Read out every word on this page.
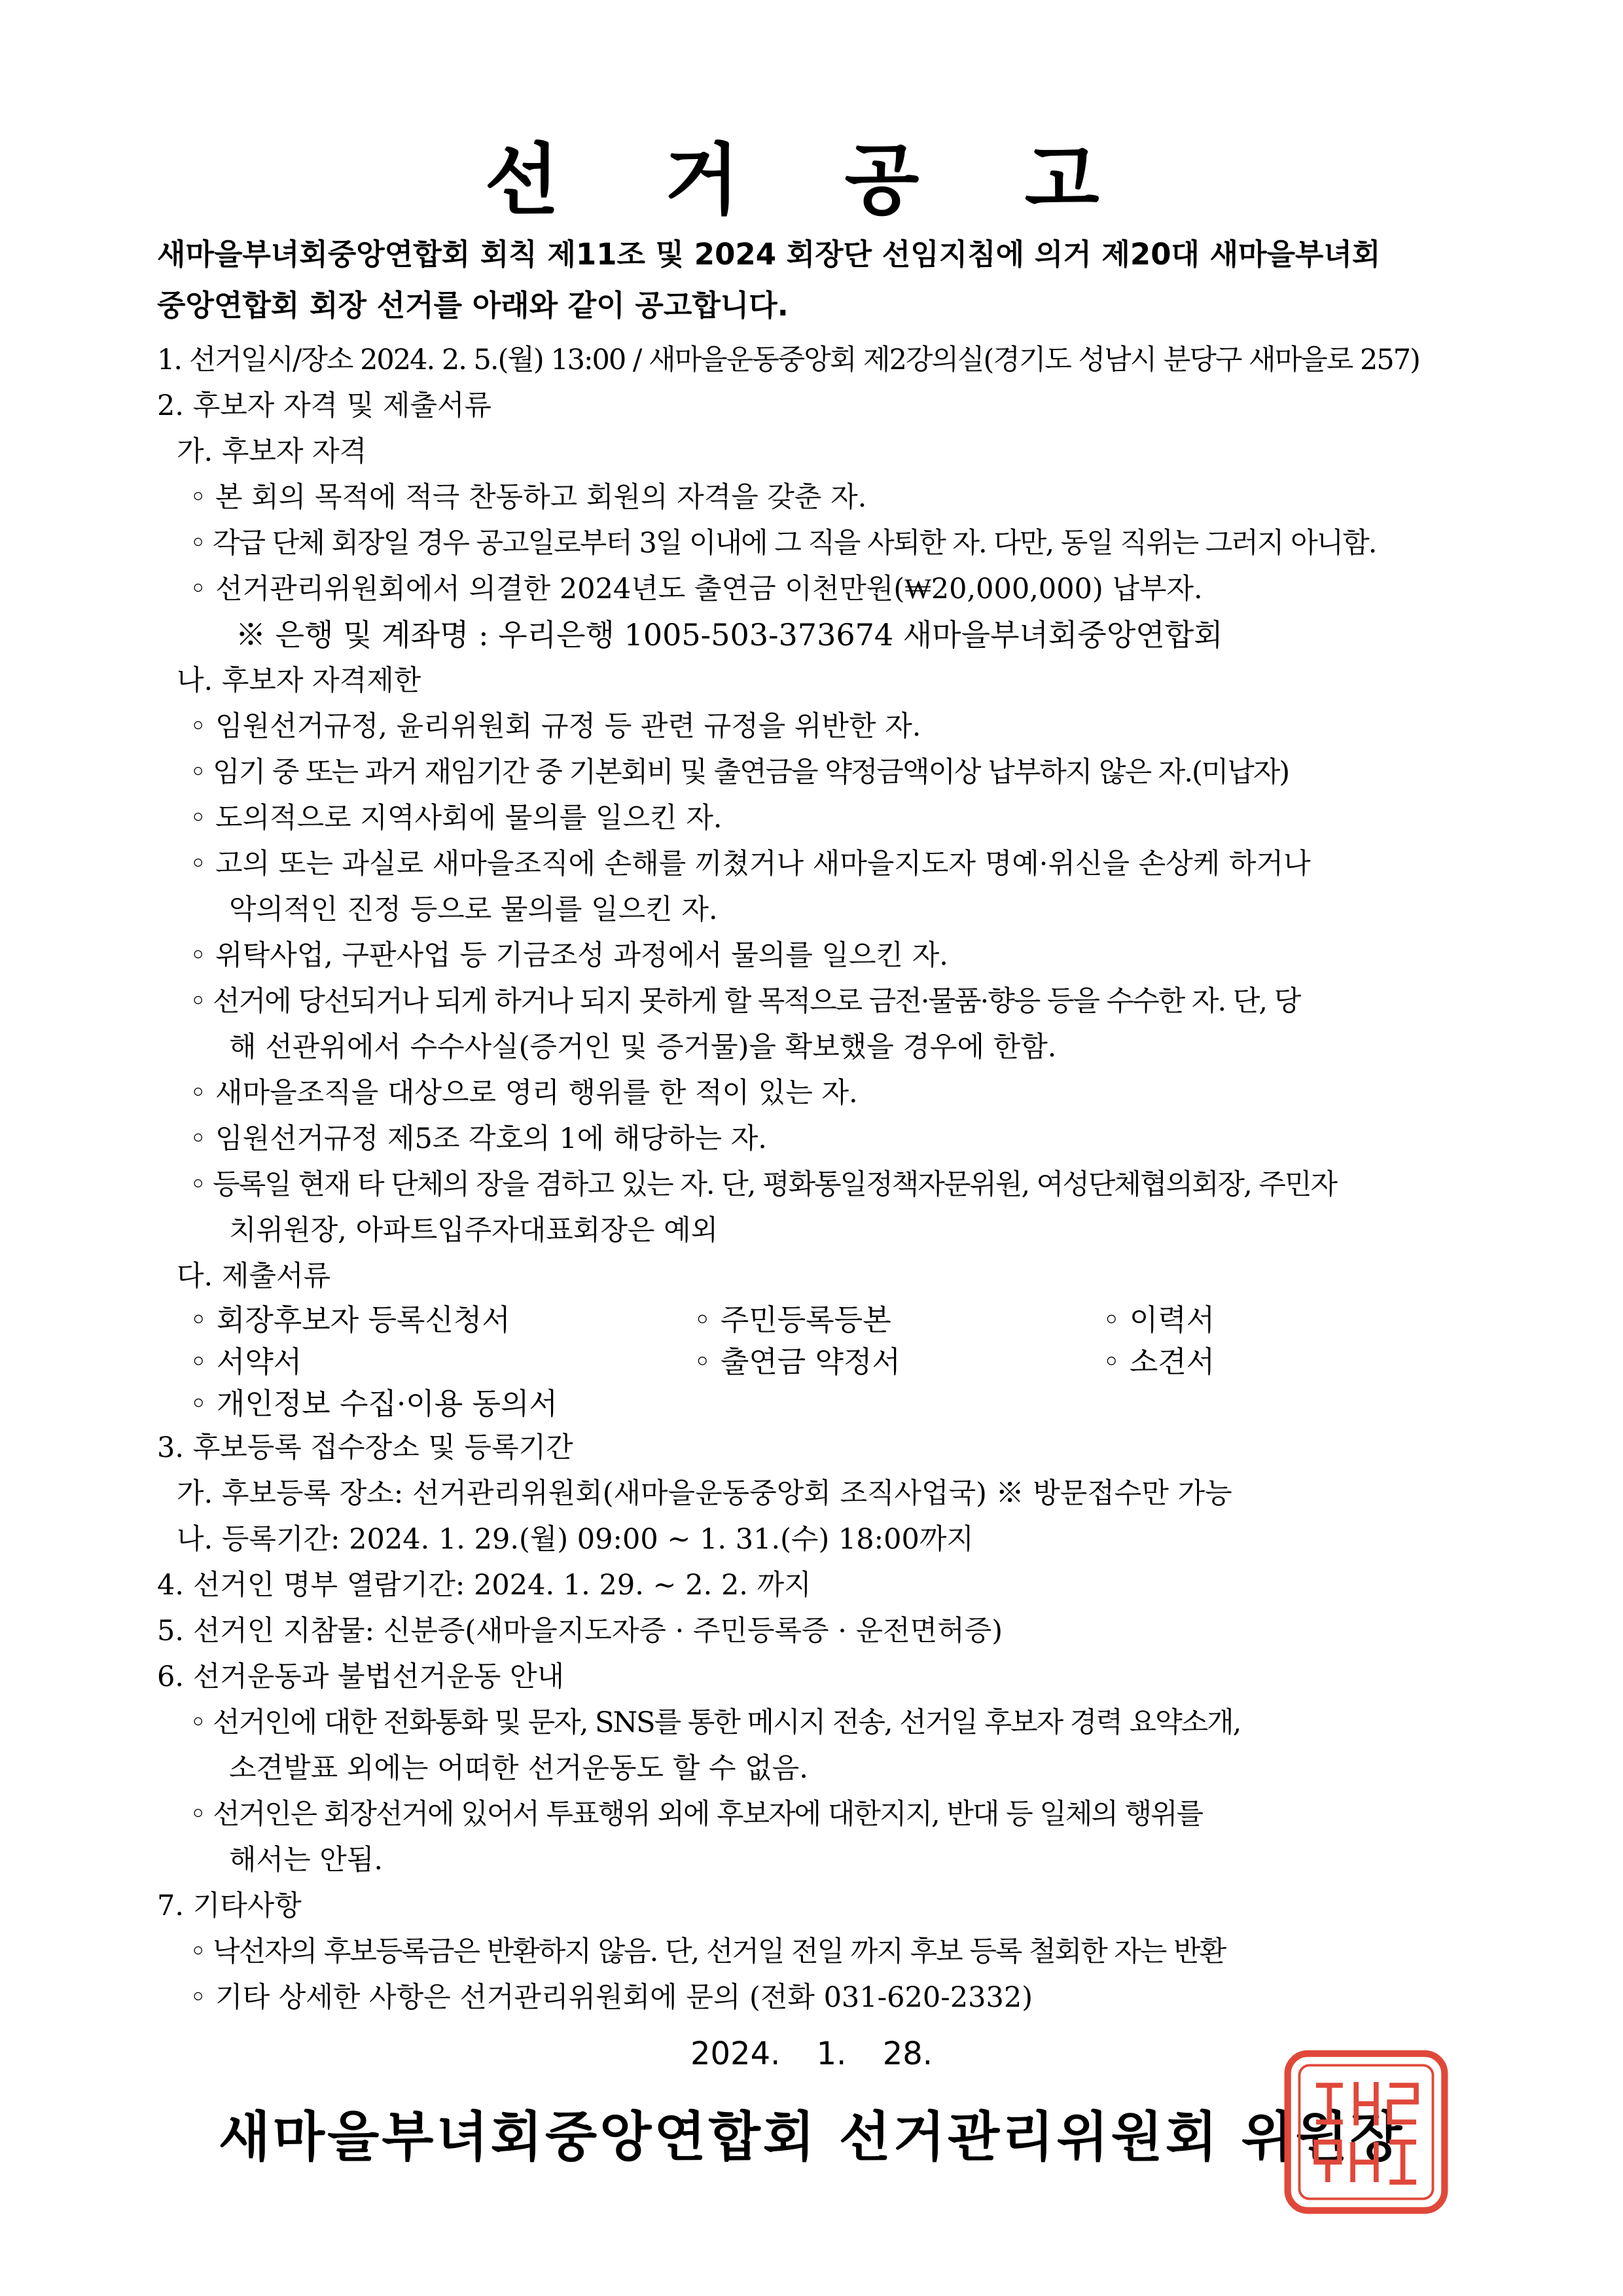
선 거 공 고
새마을부녀회중앙연합회 회칙 제11조 및 2024 회장단 선임지침에 의거 제20대 새마을부녀회
중앙연합회 회장 선거를 아래와 같이 공고합니다.
1. 선거일시/장소 2024. 2. 5.(월) 13:00 / 새마을운동중앙회 제2강의실(경기도 성남시 분당구 새마을로 257)
2. 후보자 자격 및 제출서류
가. 후보자 자격
◦ 본 회의 목적에 적극 찬동하고 회원의 자격을 갖춘 자.
◦ 각급 단체 회장일 경우 공고일로부터 3일 이내에 그 직을 사퇴한 자. 다만, 동일 직위는 그러지 아니함.
◦ 선거관리위원회에서 의결한 2024년도 출연금 이천만원(₩20,000,000) 납부자.
※ 은행 및 계좌명 : 우리은행 1005-503-373674 새마을부녀회중앙연합회
나. 후보자 자격제한
◦ 임원선거규정, 윤리위원회 규정 등 관련 규정을 위반한 자.
◦ 임기 중 또는 과거 재임기간 중 기본회비 및 출연금을 약정금액이상 납부하지 않은 자.(미납자)
◦ 도의적으로 지역사회에 물의를 일으킨 자.
◦ 고의 또는 과실로 새마을조직에 손해를 끼쳤거나 새마을지도자 명예·위신을 손상케 하거나
악의적인 진정 등으로 물의를 일으킨 자.
◦ 위탁사업, 구판사업 등 기금조성 과정에서 물의를 일으킨 자.
◦ 선거에 당선되거나 되게 하거나 되지 못하게 할 목적으로 금전·물품·향응 등을 수수한 자. 단, 당
해 선관위에서 수수사실(증거인 및 증거물)을 확보했을 경우에 한함.
◦ 새마을조직을 대상으로 영리 행위를 한 적이 있는 자.
◦ 임원선거규정 제5조 각호의 1에 해당하는 자.
◦ 등록일 현재 타 단체의 장을 겸하고 있는 자. 단, 평화통일정책자문위원, 여성단체협의회장, 주민자
치위원장, 아파트입주자대표회장은 예외
다. 제출서류
◦ 회장후보자 등록신청서	◦ 주민등록등본	◦ 이력서
◦ 서약서	◦ 출연금 약정서	◦ 소견서
◦ 개인정보 수집·이용 동의서
3. 후보등록 접수장소 및 등록기간
가. 후보등록 장소: 선거관리위원회(새마을운동중앙회 조직사업국) ※ 방문접수만 가능
나. 등록기간: 2024. 1. 29.(월) 09:00 ~ 1. 31.(수) 18:00까지
4. 선거인 명부 열람기간: 2024. 1. 29. ∼ 2. 2. 까지
5. 선거인 지참물: 신분증(새마을지도자증 · 주민등록증 · 운전면허증)
6. 선거운동과 불법선거운동 안내
◦ 선거인에 대한 전화통화 및 문자, SNS를 통한 메시지 전송, 선거일 후보자 경력 요약소개,
소견발표 외에는 어떠한 선거운동도 할 수 없음.
◦ 선거인은 회장선거에 있어서 투표행위 외에 후보자에 대한지지, 반대 등 일체의 행위를
해서는 안됨.
7. 기타사항
◦ 낙선자의 후보등록금은 반환하지 않음. 단, 선거일 전일 까지 후보 등록 철회한 자는 반환
◦ 기타 상세한 사항은 선거관리위원회에 문의 (전화 031-620-2332)
2024. 1. 28.
새마을부녀회중앙연합회 선거관리위원회 위원장
